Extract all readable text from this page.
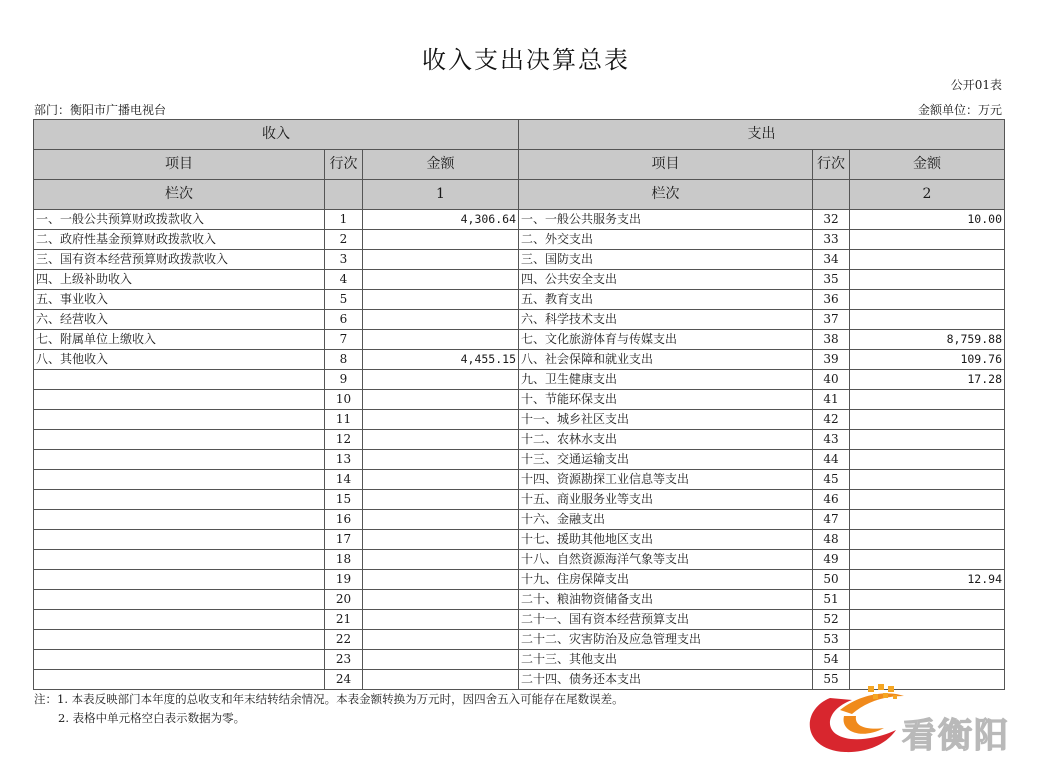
收入支出决算总表
公开01表
部门：衡阳市广播电视台	金额单位：万元
收入			支出		
项目	行次	金额	项目	行次	金额
栏次		1	栏次		2
一、一般公共预算财政拨款收入	1	4,306.64	一、一般公共服务支出	32	10.00
二、政府性基金预算财政拨款收入	2		二、外交支出	33	
三、国有资本经营预算财政拨款收入	3		三、国防支出	34	
四、上级补助收入	4		四、公共安全支出	35	
五、事业收入	5		五、教育支出	36	
六、经营收入	6		六、科学技术支出	37	
七、附属单位上缴收入	7		七、文化旅游体育与传媒支出	38	8,759.88
八、其他收入	8	4,455.15	八、社会保障和就业支出	39	109.76
	9		九、卫生健康支出	40	17.28
	10		十、节能环保支出	41	
	11		十一、城乡社区支出	42	
	12		十二、农林水支出	43	
	13		十三、交通运输支出	44	
	14		十四、资源勘探工业信息等支出	45	
	15		十五、商业服务业等支出	46	
	16		十六、金融支出	47	
	17		十七、援助其他地区支出	48	
	18		十八、自然资源海洋气象等支出	49	
	19		十九、住房保障支出	50	12.94
	20		二十、粮油物资储备支出	51	
	21		二十一、国有资本经营预算支出	52	
	22		二十二、灾害防治及应急管理支出	53	
	23		二十三、其他支出	54	
	24		二十四、债务还本支出	55	
注：1. 本表反映部门本年度的总收支和年末结转结余情况。本表金额转换为万元时，因四舍五入可能存在尾数误差。
2. 表格中单元格空白表示数据为零。	看衡阳
